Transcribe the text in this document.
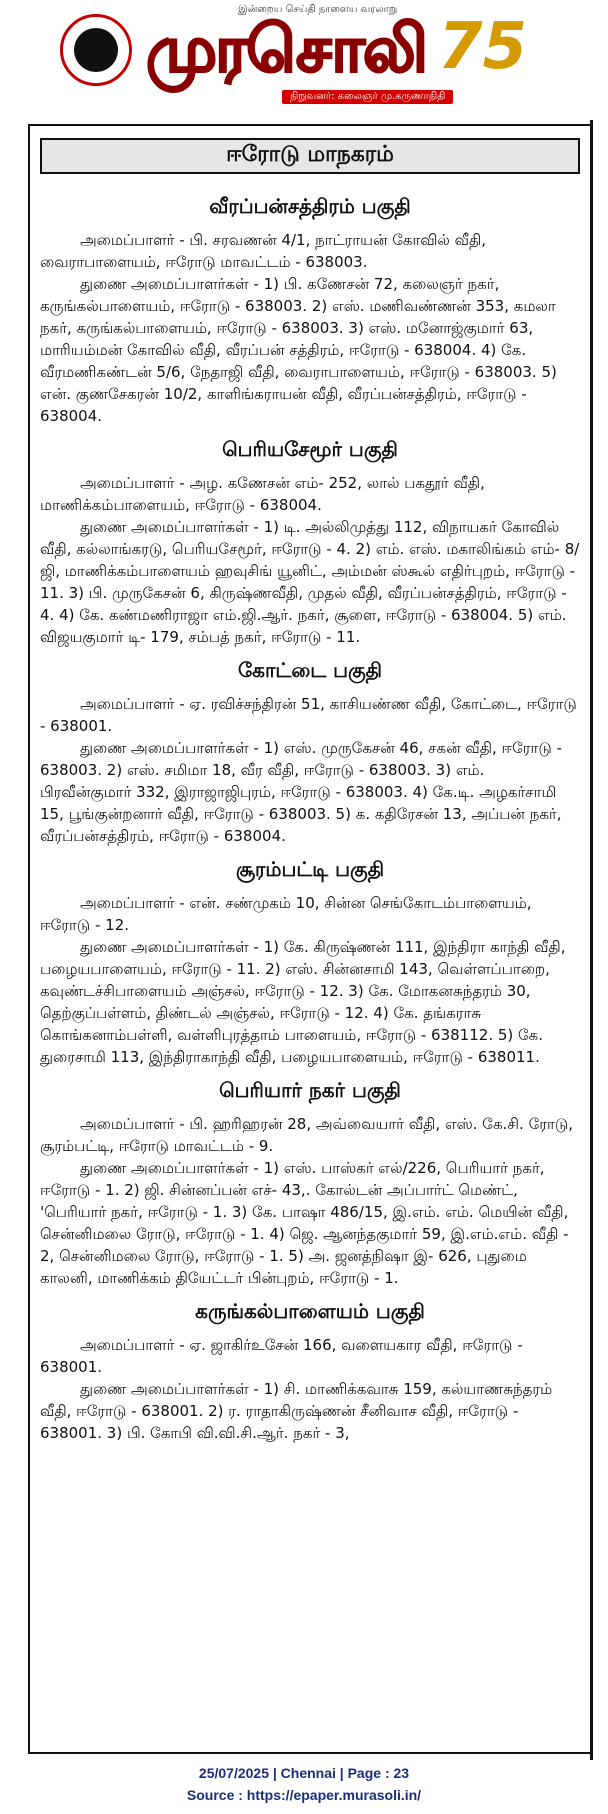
இன்றைய செய்தி நாளைய வரலாறு
முரசொலி
நிறுவனர்: கலைஞர் மு.கருணாநிதி
75
ஈரோடு மாநகரம்
வீரப்பன்சத்திரம் பகுதி

அமைப்பாளர் - பி. சரவணன் 4/1, நாட்ராயன் கோவில் வீதி, வைராபாளையம், ஈரோடு மாவட்டம் - 638003.

துணை அமைப்பாளர்கள் - 1) பி. கணேசன் 72, கலைஞர் நகர், கருங்கல்பாளையம், ஈரோடு - 638003. 2) எஸ். மணிவண்ணன் 353, கமலா நகர், கருங்கல்பாளையம், ஈரோடு - 638003. 3) எஸ். மனோஜ்குமார் 63, மாரியம்மன் கோவில் வீதி, வீரப்பன் சத்திரம், ஈரோடு - 638004. 4) கே. வீரமணிகண்டன் 5/6, நேதாஜி வீதி, வைராபாளையம், ஈரோடு - 638003. 5) என். குணசேகரன் 10/2, காளிங்கராயன் வீதி, வீரப்பன்சத்திரம், ஈரோடு - 638004.

பெரியசேமூர் பகுதி

அமைப்பாளர் - அழ. கணேசன் எம்- 252, லால் பகதூர் வீதி, மாணிக்கம்பாளையம், ஈரோடு - 638004.

துணை அமைப்பாளர்கள் - 1) டி. அல்லிமுத்து 112, விநாயகர் கோவில் வீதி, கல்லாங்கரடு, பெரியசேமூர், ஈரோடு - 4. 2) எம். எஸ். மகாலிங்கம் எம்- 8/ஜி, மாணிக்கம்பாளையம் ஹவுசிங் யூனிட், அம்மன் ஸ்கூல் எதிர்புறம், ஈரோடு - 11. 3) பி. முருகேசன் 6, கிருஷ்ணவீதி, முதல் வீதி, வீரப்பன்சத்திரம், ஈரோடு - 4. 4) கே. கண்மணிராஜா எம்.ஜி.ஆர். நகர், சூளை, ஈரோடு - 638004. 5) எம். விஜயகுமார் டி- 179, சம்பத் நகர், ஈரோடு - 11.

கோட்டை பகுதி

அமைப்பாளர் - ஏ. ரவிச்சந்திரன் 51, காசியண்ண வீதி, கோட்டை, ஈரோடு - 638001.

துணை அமைப்பாளர்கள் - 1) எஸ். முருகேசன் 46, சகன் வீதி, ஈரோடு - 638003. 2) எஸ். சமிமா 18, வீர வீதி, ஈரோடு - 638003. 3) எம். பிரவீன்குமார் 332, இராஜாஜிபுரம், ஈரோடு - 638003. 4) கே.டி. அழகர்சாமி 15, பூங்குன்றனார் வீதி, ஈரோடு - 638003. 5) க. கதிரேசன் 13, அப்பன் நகர், வீரப்பன்சத்திரம், ஈரோடு - 638004.

சூரம்பட்டி பகுதி

அமைப்பாளர் - என். சண்முகம் 10, சின்ன செங்கோடம்பாளையம், ஈரோடு - 12.

துணை அமைப்பாளர்கள் - 1) கே. கிருஷ்ணன் 111, இந்திரா காந்தி வீதி, பழையபாளையம், ஈரோடு - 11. 2) எஸ். சின்னசாமி 143, வெள்ளப்பாறை, கவுண்டச்சிபாளையம் அஞ்சல், ஈரோடு - 12. 3) கே. மோகனசுந்தரம் 30, தெற்குப்பள்ளம், திண்டல் அஞ்சல், ஈரோடு - 12. 4) கே. தங்கராசு கொங்கனாம்பள்ளி, வள்ளிபுரத்தாம் பாளையம், ஈரோடு - 638112. 5) கே. துரைசாமி 113, இந்திராகாந்தி வீதி, பழையபாளையம், ஈரோடு - 638011.

பெரியார் நகர் பகுதி

அமைப்பாளர் - பி. ஹரிஹரன் 28, அவ்வையார் வீதி, எஸ். கே.சி. ரோடு, சூரம்பட்டி, ஈரோடு மாவட்டம் - 9.

துணை அமைப்பாளர்கள் - 1) எஸ். பாஸ்கர் எல்/226, பெரியார் நகர், ஈரோடு - 1. 2) ஜி. சின்னப்பன் எச்- 43,. கோல்டன் அப்பார்ட் மெண்ட், 'பெரியார் நகர், ஈரோடு - 1. 3) கே. பாஷா 486/15, இ.எம். எம். மெயின் வீதி, சென்னிமலை ரோடு, ஈரோடு - 1. 4) ஜெ. ஆனந்தகுமார் 59, இ.எம்.எம். வீதி - 2, சென்னிமலை ரோடு, ஈரோடு - 1. 5) அ. ஜனத்நிஷா இ- 626, புதுமை காலனி, மாணிக்கம் தியேட்டர் பின்புறம், ஈரோடு - 1.

கருங்கல்பாளையம் பகுதி

அமைப்பாளர் - ஏ. ஜாகிர்உசேன் 166, வளையகார வீதி, ஈரோடு - 638001.

துணை அமைப்பாளர்கள் - 1) சி. மாணிக்கவாசு 159, கல்யாணசுந்தரம் வீதி, ஈரோடு - 638001. 2) ர. ராதாகிருஷ்ணன் சீனிவாச வீதி, ஈரோடு - 638001. 3) பி. கோபி வி.வி.சி.ஆர். நகர் - 3,

25/07/2025 | Chennai | Page : 23
Source : https://epaper.murasoli.in/
